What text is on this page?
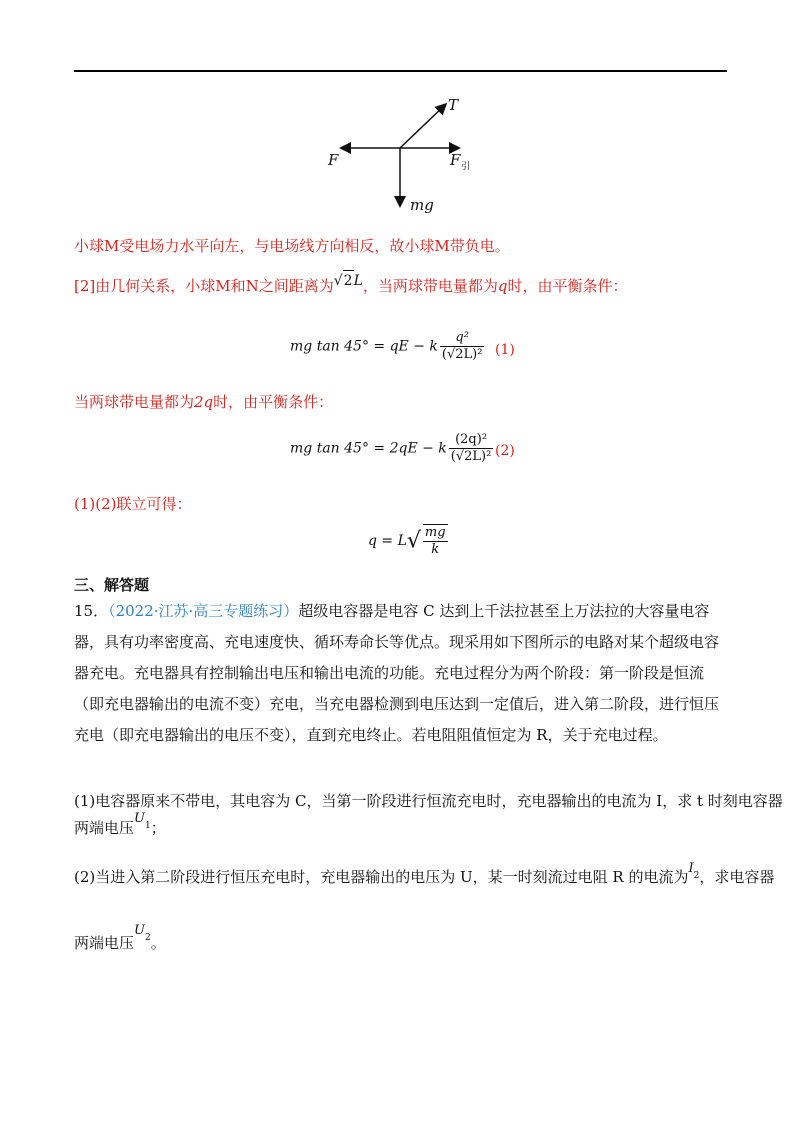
T
F	F 引
mg
小球M受电场力水平向左，与电场线方向相反，故小球M带负电。
[2]由几何关系，小球M和N之间距离为√2L，当两球带电量都为q时，由平衡条件：
mg tan 45° = qE − k $\frac{\text{q²}}{\text{(√2L)²}} (1)$
当两球带电量都为2q时，由平衡条件：
mg tan 45° = 2qE − k $\frac{\text{(2q)²}}{\text{(√2L)²}} (2)$
(1)(2)联立可得：
$q = L√ \frac{mg}{k}$
三、解答题
15．（2022·江苏·高三专题练习）超级电容器是电容 C 达到上千法拉甚至上万法拉的大容量电容器，具有功率密度高、充电速度快、循环寿命长等优点。现采用如下图所示的电路对某个超级电容器充电。充电器具有控制输出电压和输出电流的功能。充电过程分为两个阶段：第一阶段是恒流（即充电器输出的电流不变）充电，当充电器检测到电压达到一定值后，进入第二阶段，进行恒压充电（即充电器输出的电压不变），直到充电终止。若电阻阻值恒定为 R，关于充电过程。
(1)电容器原来不带电，其电容为 C，当第一阶段进行恒流充电时，充电器输出的电流为 I，求 t 时刻电容器
两端电压$U_1$；
(2)当进入第二阶段进行恒压充电时，充电器输出的电压为 U，某一时刻流过电阻 R 的电流为$I^2$，求电容器
两端电压$U_2$。
